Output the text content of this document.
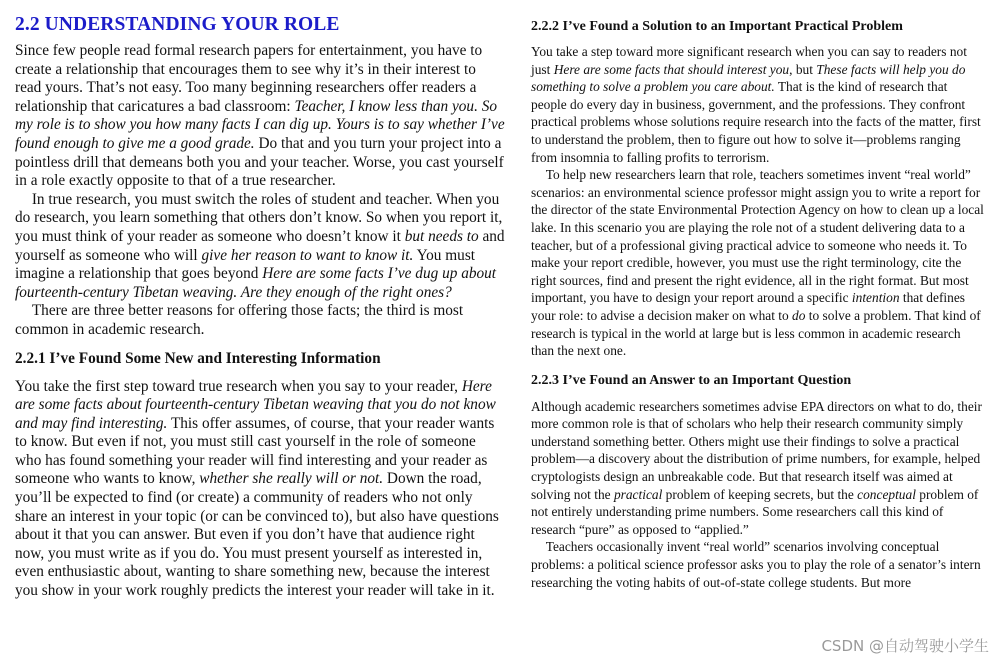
2.2 UNDERSTANDING YOUR ROLE

Since few people read formal research papers for entertainment, you have to create a relationship that encourages them to see why it’s in their interest to read yours. That’s not easy. Too many beginning researchers offer readers a relationship that caricatures a bad classroom: Teacher, I know less than you. So my role is to show you how many facts I can dig up. Yours is to say whether I’ve found enough to give me a good grade. Do that and you turn your project into a pointless drill that demeans both you and your teacher. Worse, you cast yourself in a role exactly opposite to that of a true researcher.

In true research, you must switch the roles of student and teacher. When you do research, you learn something that others don’t know. So when you report it, you must think of your reader as someone who doesn’t know it but needs to and yourself as someone who will give her reason to want to know it. You must imagine a relationship that goes beyond Here are some facts I’ve dug up about fourteenth-century Tibetan weaving. Are they enough of the right ones?

There are three better reasons for offering those facts; the third is most common in academic research.

2.2.1 I’ve Found Some New and Interesting Information

You take the first step toward true research when you say to your reader, Here are some facts about fourteenth-century Tibetan weaving that you do not know and may find interesting. This offer assumes, of course, that your reader wants to know. But even if not, you must still cast yourself in the role of someone who has found something your reader will find interesting and your reader as someone who wants to know, whether she really will or not. Down the road, you’ll be expected to find (or create) a community of readers who not only share an interest in your topic (or can be convinced to), but also have questions about it that you can answer. But even if you don’t have that audience right now, you must write as if you do. You must present yourself as interested in, even enthusiastic about, wanting to share something new, because the interest you show in your work roughly predicts the interest your reader will take in it.

2.2.2 I’ve Found a Solution to an Important Practical Problem

You take a step toward more significant research when you can say to readers not just Here are some facts that should interest you, but These facts will help you do something to solve a problem you care about. That is the kind of research that people do every day in business, government, and the professions. They confront practical problems whose solutions require research into the facts of the matter, first to understand the problem, then to figure out how to solve it—problems ranging from insomnia to falling profits to terrorism.

To help new researchers learn that role, teachers sometimes invent “real world” scenarios: an environmental science professor might assign you to write a report for the director of the state Environmental Protection Agency on how to clean up a local lake. In this scenario you are playing the role not of a student delivering data to a teacher, but of a professional giving practical advice to someone who needs it. To make your report credible, however, you must use the right terminology, cite the right sources, find and present the right evidence, all in the right format. But most important, you have to design your report around a specific intention that defines your role: to advise a decision maker on what to do to solve a problem. That kind of research is typical in the world at large but is less common in academic research than the next one.

2.2.3 I’ve Found an Answer to an Important Question

Although academic researchers sometimes advise EPA directors on what to do, their more common role is that of scholars who help their research community simply understand something better. Others might use their findings to solve a practical problem—a discovery about the distribution of prime numbers, for example, helped cryptologists design an unbreakable code. But that research itself was aimed at solving not the practical problem of keeping secrets, but the conceptual problem of not entirely understanding prime numbers. Some researchers call this kind of research “pure” as opposed to “applied.”

Teachers occasionally invent “real world” scenarios involving conceptual problems: a political science professor asks you to play the role of a senator’s intern researching the voting habits of out-of-state college students. But more

CSDN @自动驾驶小学生
